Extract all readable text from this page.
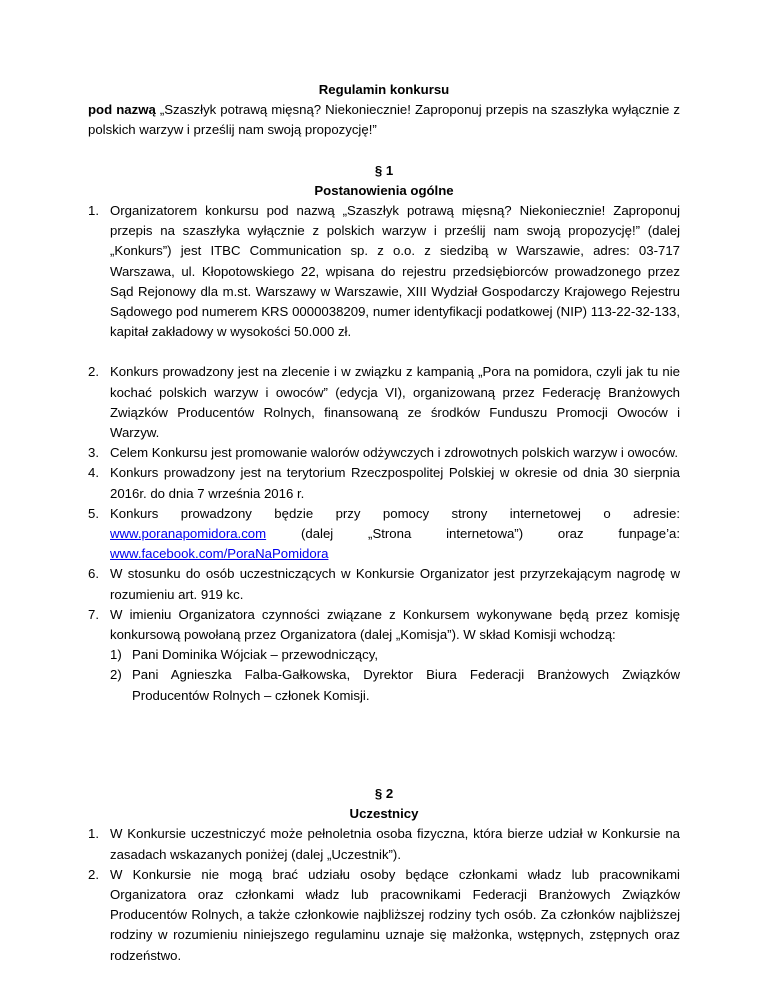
Regulamin konkursu

pod nazwą „Szaszłyk potrawą mięsną? Niekoniecznie! Zaproponuj przepis na szaszłyka wyłącznie z polskich warzyw i prześlij nam swoją propozycję!”

§ 1

Postanowienia ogólne

1. Organizatorem konkursu pod nazwą „Szaszłyk potrawą mięsną? Niekoniecznie! Zaproponuj przepis na szaszłyka wyłącznie z polskich warzyw i prześlij nam swoją propozycję!” (dalej „Konkurs”) jest ITBC Communication sp. z o.o. z siedzibą w Warszawie, adres: 03-717 Warszawa, ul. Kłopotowskiego 22, wpisana do rejestru przedsiębiorców prowadzonego przez Sąd Rejonowy dla m.st. Warszawy w Warszawie, XIII Wydział Gospodarczy Krajowego Rejestru Sądowego pod numerem KRS 0000038209, numer identyfikacji podatkowej (NIP) 113-22-32-133, kapitał zakładowy w wysokości 50.000 zł.
2. Konkurs prowadzony jest na zlecenie i w związku z kampanią „Pora na pomidora, czyli jak tu nie kochać polskich warzyw i owoców” (edycja VI), organizowaną przez Federację Branżowych Związków Producentów Rolnych, finansowaną ze środków Funduszu Promocji Owoców i Warzyw.
3. Celem Konkursu jest promowanie walorów odżywczych i zdrowotnych polskich warzyw i owoców.
4. Konkurs prowadzony jest na terytorium Rzeczpospolitej Polskiej w okresie od dnia 30 sierpnia 2016r. do dnia 7 września 2016 r.
5. Konkurs prowadzony będzie przy pomocy strony internetowej o adresie: www.poranapomidora.com	(dalej „Strona internetowa”) oraz funpage’a:
www.facebook.com/PoraNaPomidora
6. W stosunku do osób uczestniczących w Konkursie Organizator jest przyrzekającym nagrodę w rozumieniu art. 919 kc.
7. W imieniu Organizatora czynności związane z Konkursem wykonywane będą przez komisję konkursową powołaną przez Organizatora (dalej „Komisja”). W skład Komisji wchodzą:
1) Pani Dominika Wójciak – przewodniczący,
2) Pani Agnieszka Falba-Gałkowska, Dyrektor Biura Federacji Branżowych Związków Producentów Rolnych – członek Komisji.

§ 2

Uczestnicy

1. W Konkursie uczestniczyć może pełnoletnia osoba fizyczna, która bierze udział w Konkursie na zasadach wskazanych poniżej (dalej „Uczestnik”).
2. W Konkursie nie mogą brać udziału osoby będące członkami władz lub pracownikami Organizatora oraz członkami władz lub pracownikami Federacji Branżowych Związków Producentów Rolnych, a także członkowie najbliższej rodziny tych osób. Za członków najbliższej rodziny w rozumieniu niniejszego regulaminu uznaje się małżonka, wstępnych, zstępnych oraz rodzeństwo.
